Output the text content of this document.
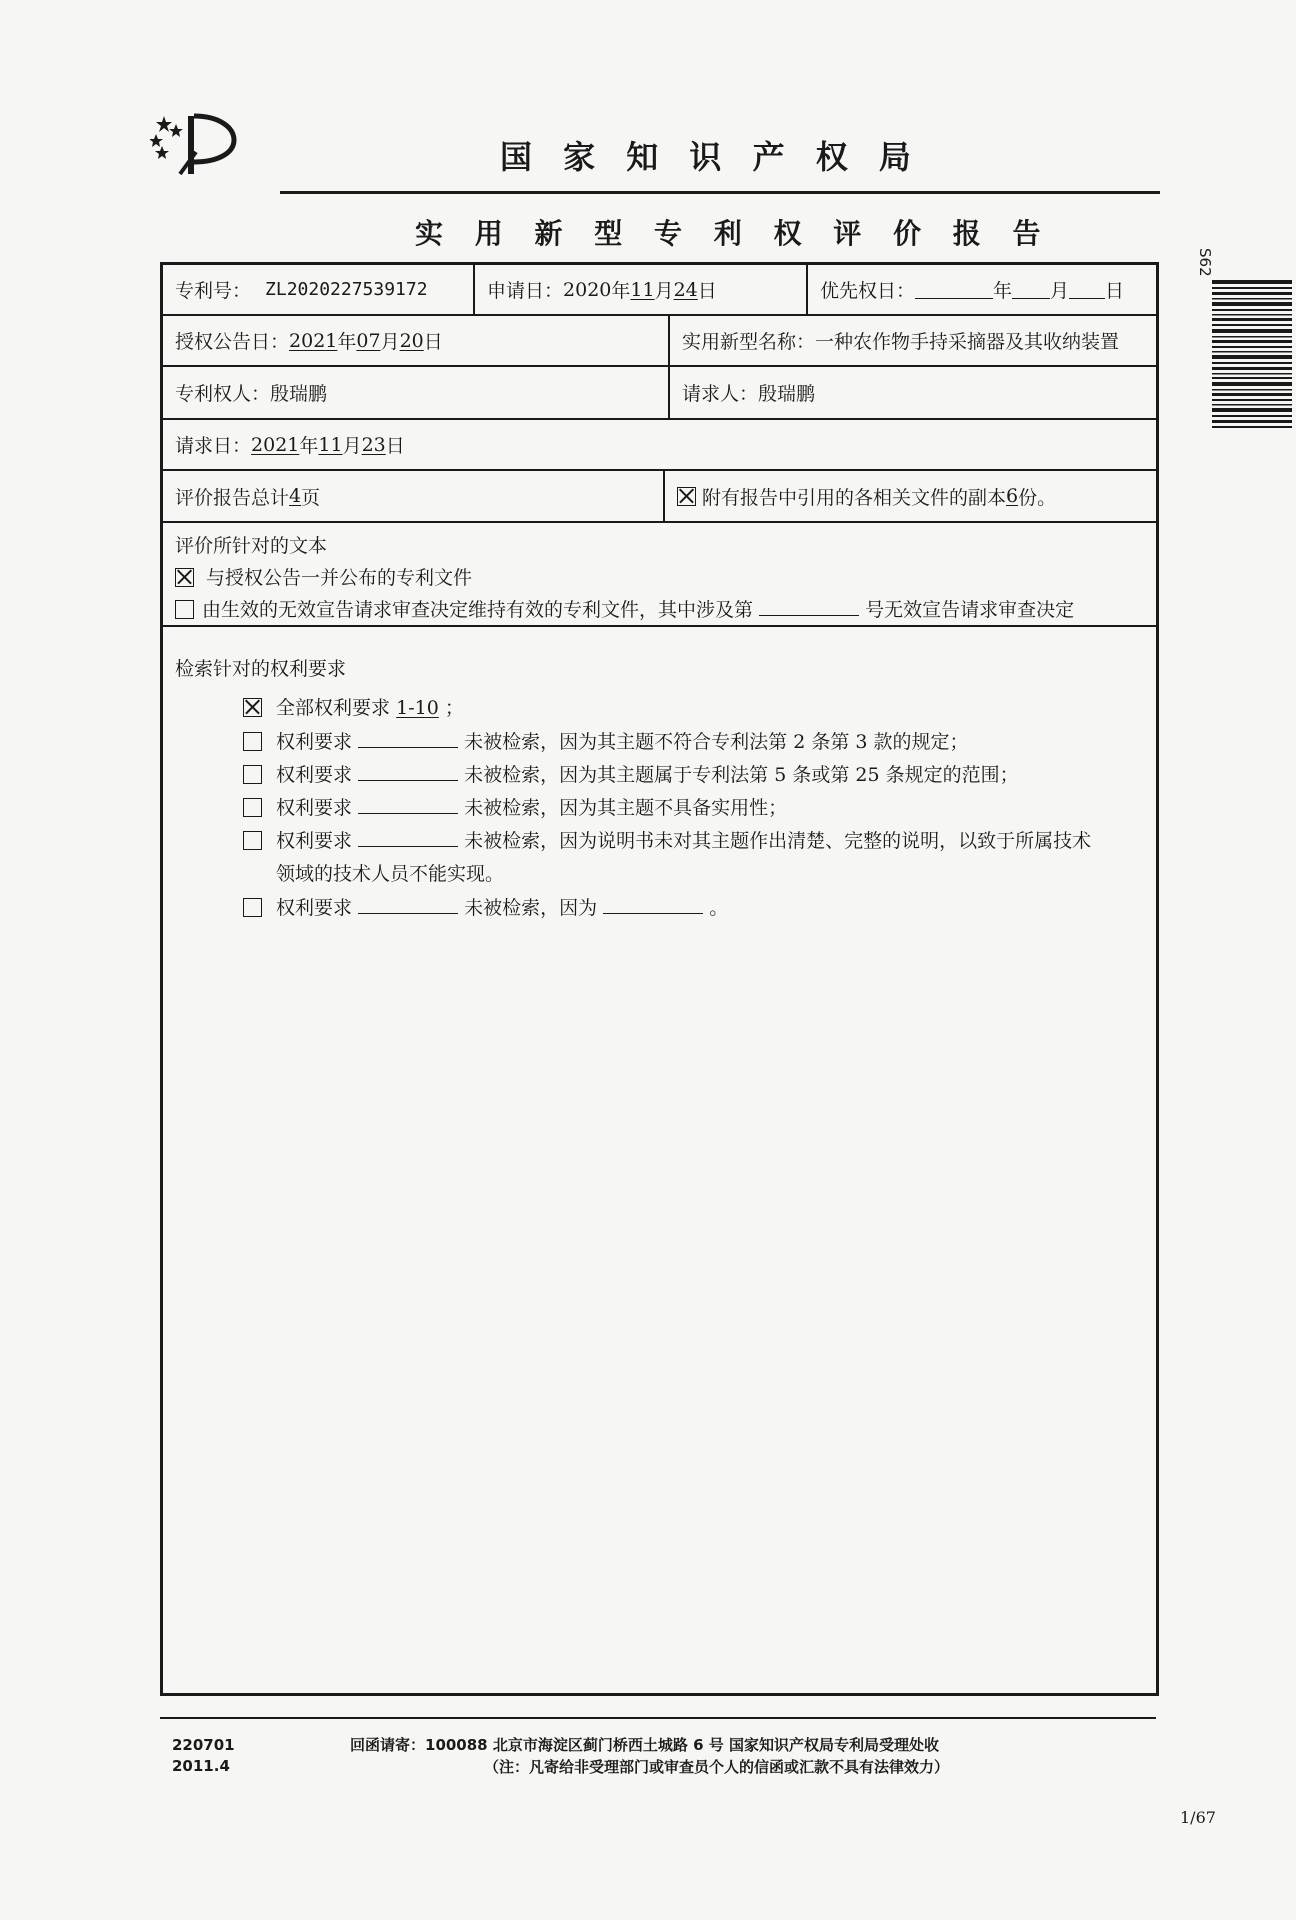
国 家 知 识 产 权 局
实 用 新 型 专 利 权 评 价 报 告
S62
专利号： ZL2020227539172	申请日： 2020 年 11 月 24 日	优先权日：	年 月 日
授权公告日： 2021 年 07 月 20 日	实用新型名称： 一种农作物手持采摘器及其收纳装置
专利权人： 殷瑞鹏	请求人： 殷瑞鹏
请求日： 2021 年 11 月 23 日
评价报告总计 4 页	附有报告中引用的各相关文件的副本 6 份。
评价所针对的文本
与授权公告一并公布的专利文件
由生效的无效宣告请求审查决定维持有效的专利文件，其中涉及第	号无效宣告请求审查决定
检索针对的权利要求
全部权利要求 1-10 ；
权利要求	未被检索，因为其主题不符合专利法第 2 条第 3 款的规定；
权利要求	未被检索，因为其主题属于专利法第 5 条或第 25 条规定的范围；
权利要求	未被检索，因为其主题不具备实用性；
权利要求	未被检索，因为说明书未对其主题作出清楚、完整的说明，以致于所属技术
领域的技术人员不能实现。
权利要求	未被检索，因为	。
220701
2011.4
回函请寄：100088 北京市海淀区蓟门桥西土城路 6 号 国家知识产权局专利局受理处收
（注：凡寄给非受理部门或审查员个人的信函或汇款不具有法律效力）
1/67
